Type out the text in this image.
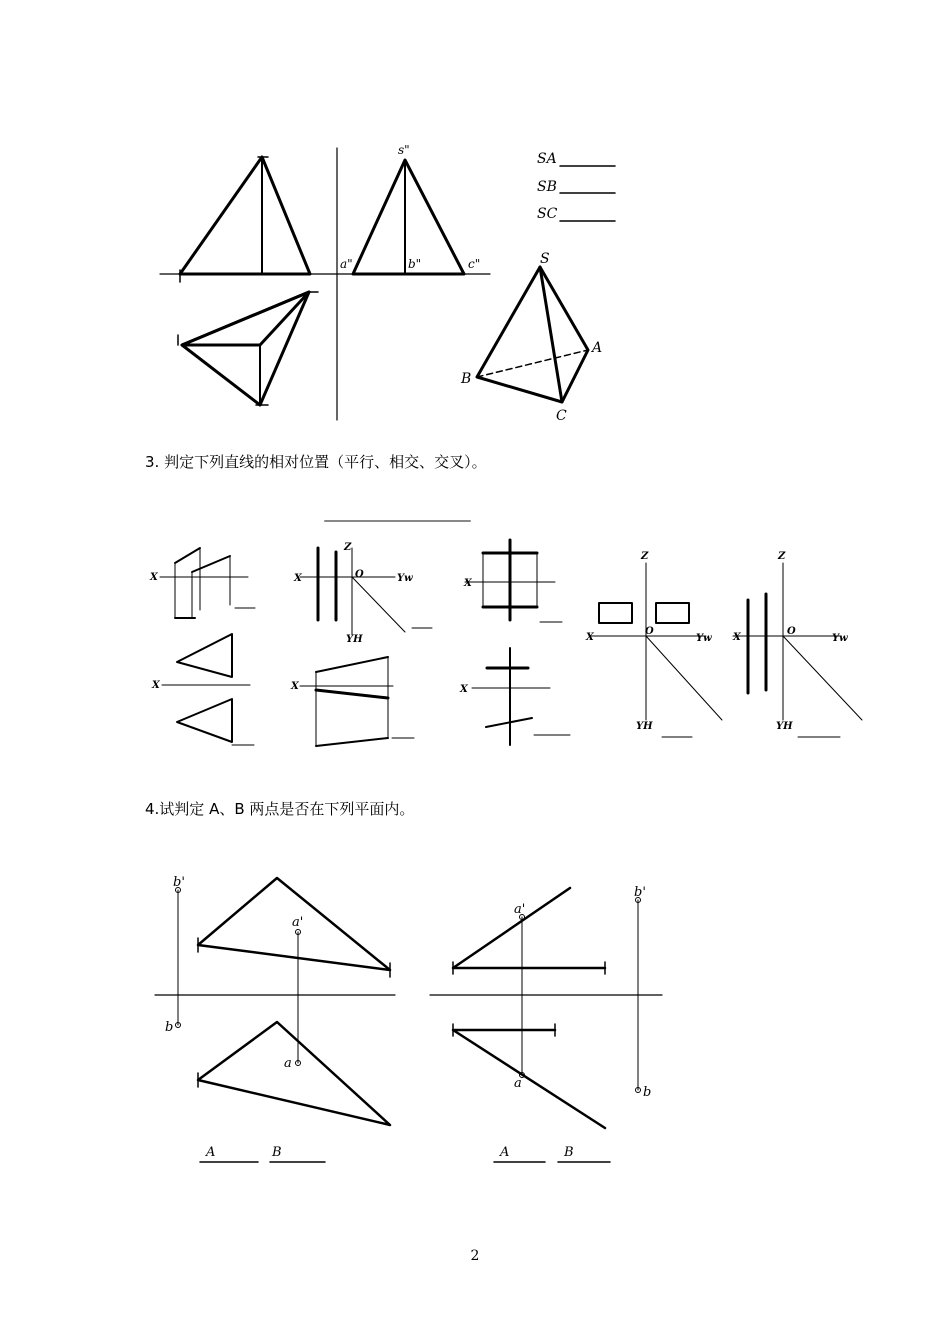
s"
a"	b"	c"
SA
SB
SC
S
A
B
C
X	X
Z
O	Yw
YH
X
X
Z
O
Yw
YH
X
Z
O
Yw
YH
X	X	X
b'
b
a'
a
A	B
b'
b
a'
a
A	B
3. 判定下列直线的相对位置（平行、相交、交叉）。
4.试判定 A、B 两点是否在下列平面内。
2
